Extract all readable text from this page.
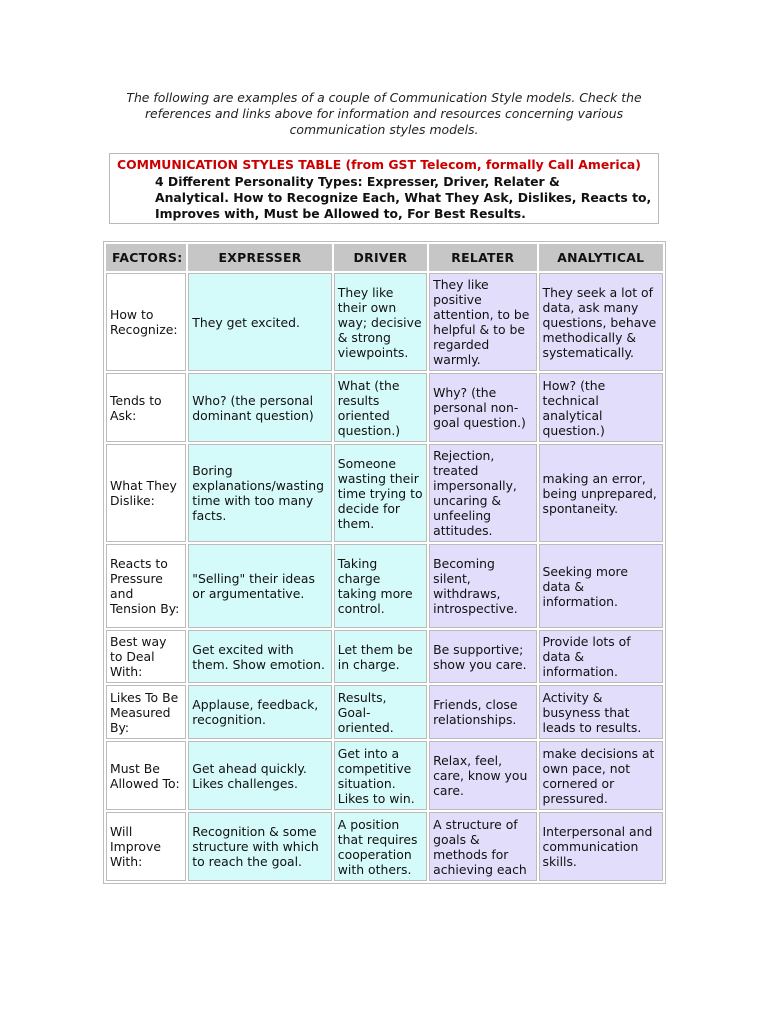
The following are examples of a couple of Communication Style models. Check the
references and links above for information and resources concerning various
communication styles models.
COMMUNICATION STYLES TABLE (from GST Telecom, formally Call America)
4 Different Personality Types: Expresser, Driver, Relater &
Analytical. How to Recognize Each, What They Ask, Dislikes, Reacts to,
Improves with, Must be Allowed to, For Best Results.
FACTORS:	EXPRESSER	DRIVER	RELATER	ANALYTICAL
How to Recognize:	They get excited.	They like their own way; decisive & strong viewpoints.	They like positive attention, to be helpful & to be regarded warmly.	They seek a lot of data, ask many questions, behave methodically & systematically.
Tends to Ask:	Who? (the personal dominant question)	What (the results oriented question.)	Why? (the personal non-goal question.)	How? (the technical analytical question.)
What They Dislike:	Boring explanations/wasting time with too many facts.	Someone wasting their time trying to decide for them.	Rejection, treated impersonally, uncaring & unfeeling attitudes.	making an error, being unprepared, spontaneity.
Reacts to Pressure and Tension By:	"Selling" their ideas or argumentative.	Taking charge taking more control.	Becoming silent, withdraws, introspective.	Seeking more data & information.
Best way to Deal With:	Get excited with them. Show emotion.	Let them be in charge.	Be supportive; show you care.	Provide lots of data & information.
Likes To Be Measured By:	Applause, feedback, recognition.	Results, Goal-oriented.	Friends, close relationships.	Activity & busyness that leads to results.
Must Be Allowed To:	Get ahead quickly. Likes challenges.	Get into a competitive situation. Likes to win.	Relax, feel, care, know you care.	make decisions at own pace, not cornered or pressured.
Will Improve With:	Recognition & some structure with which to reach the goal.	A position that requires cooperation with others.	A structure of goals & methods for achieving each	Interpersonal and communication skills.
